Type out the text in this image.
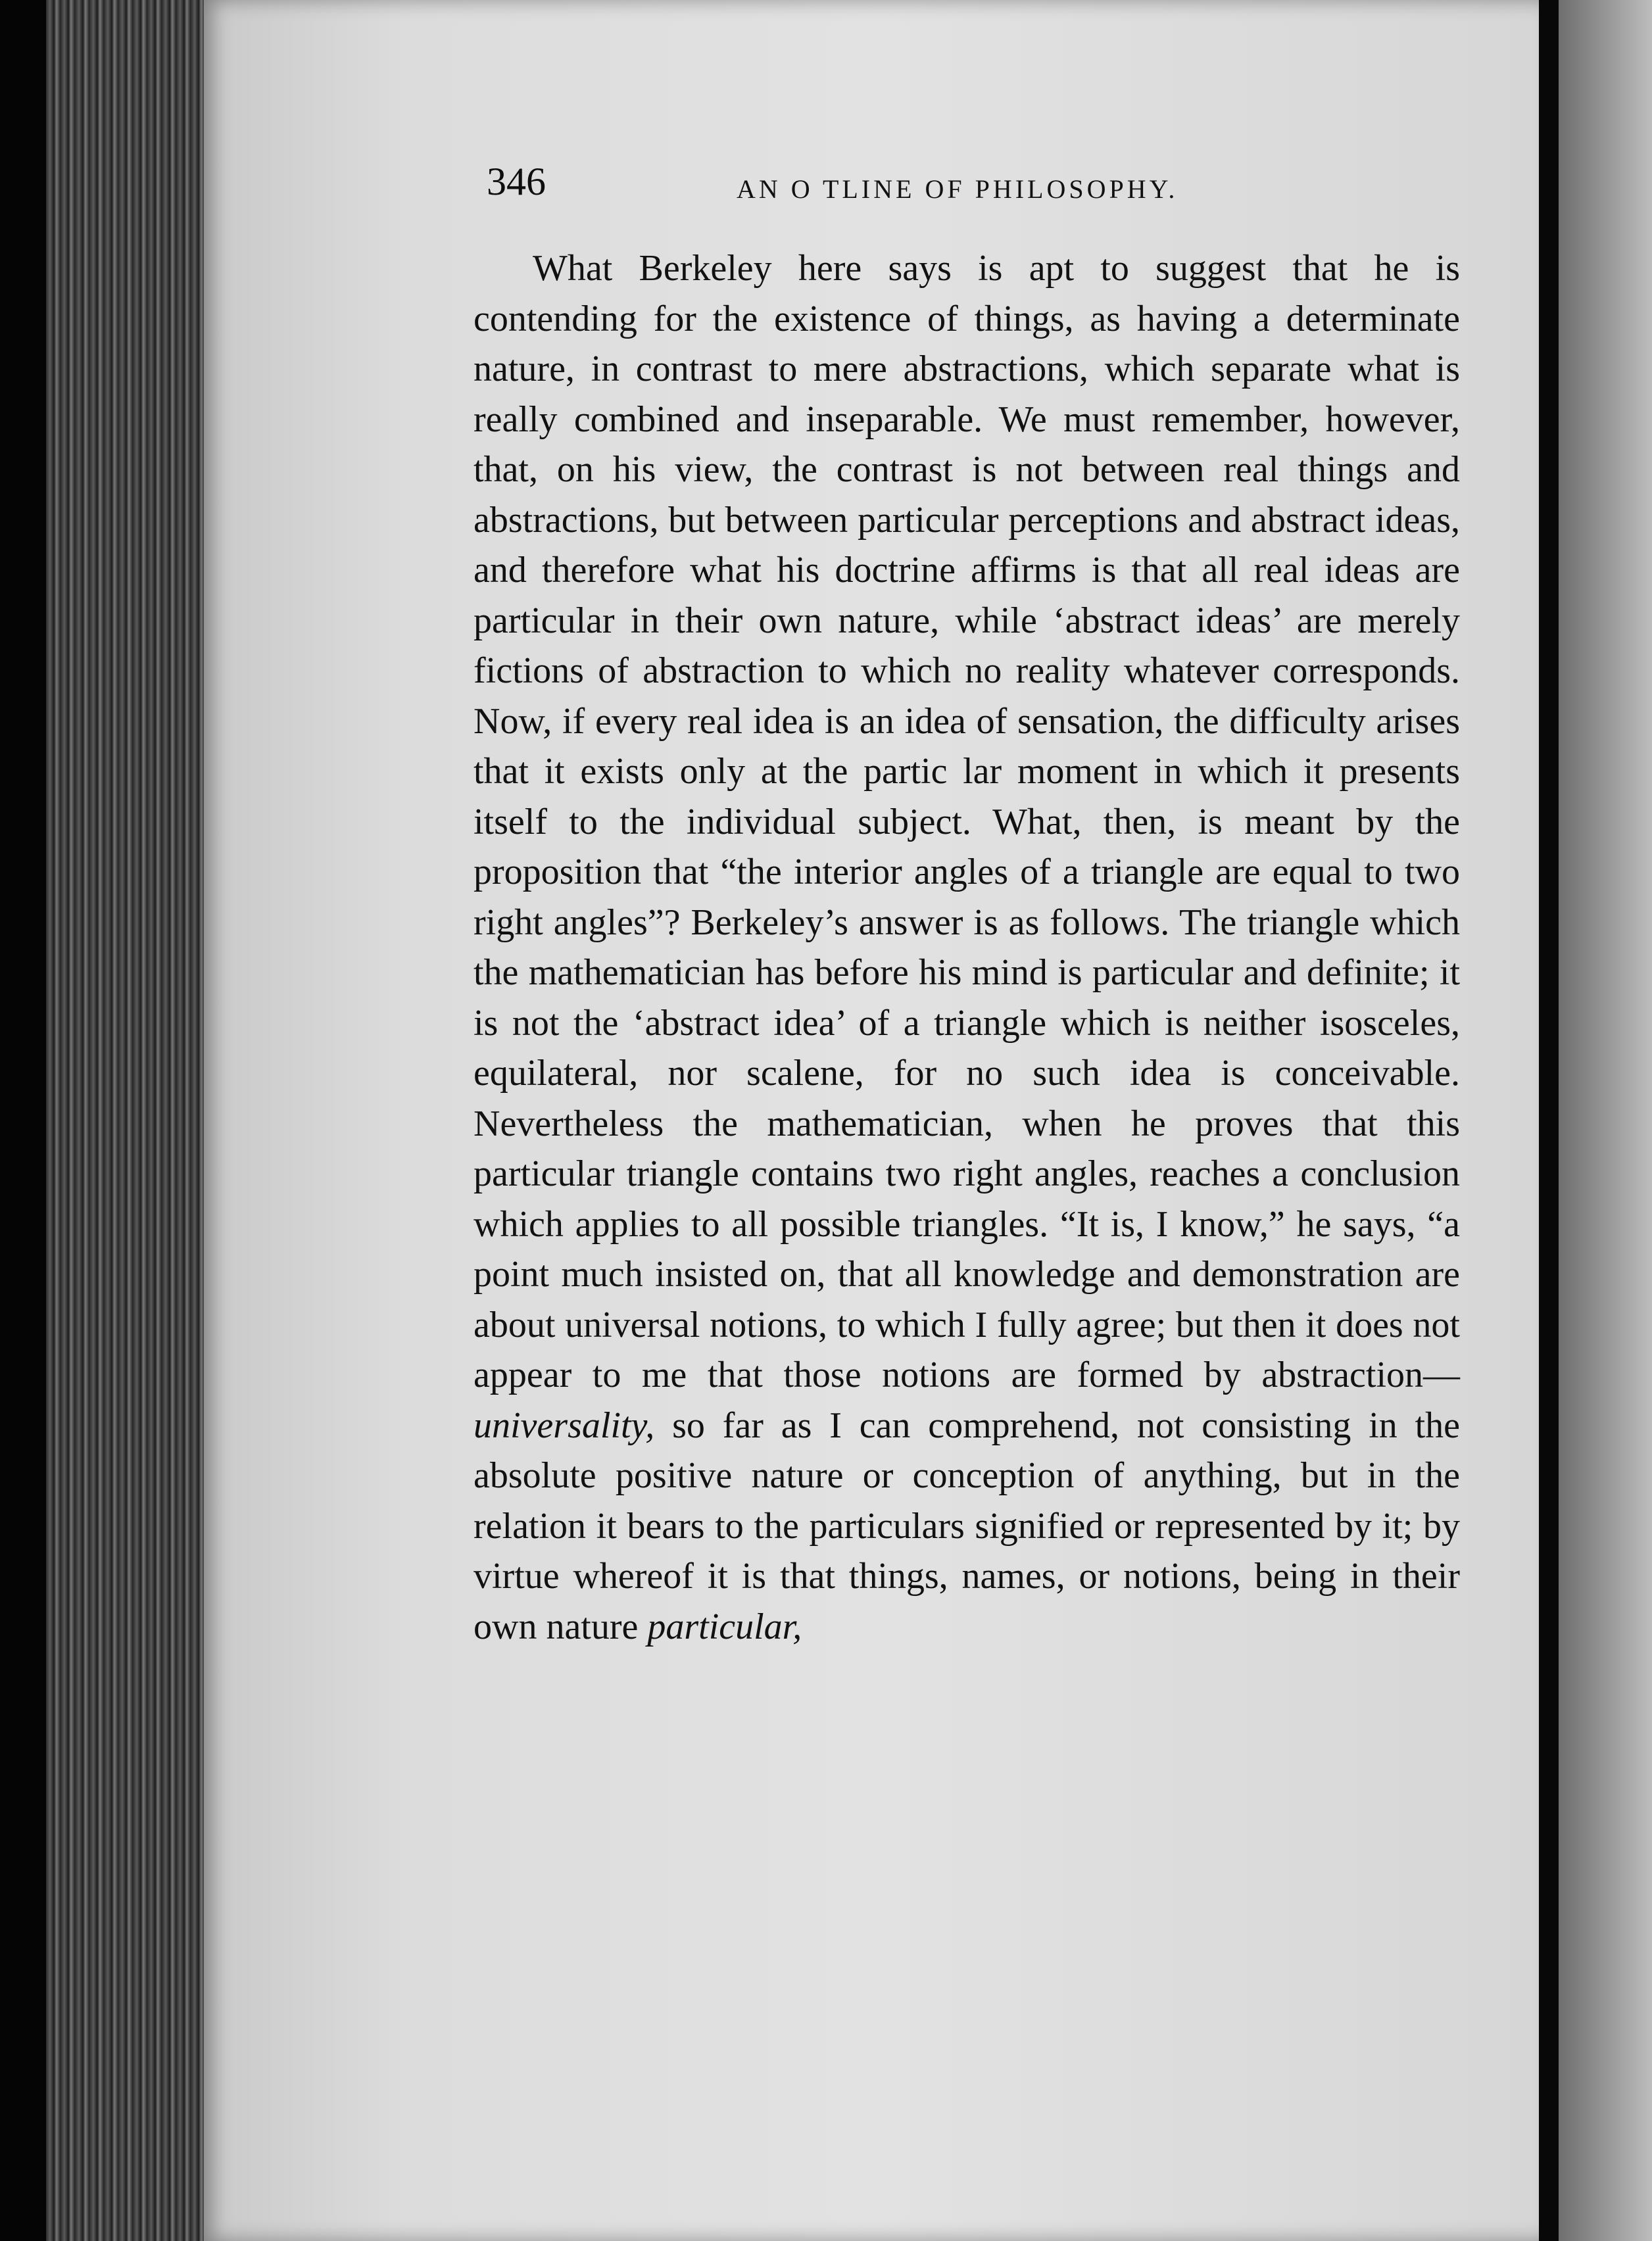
346	AN O TLINE OF PHILOSOPHY.

What Berkeley here says is apt to suggest that he is contending for the existence of things, as having a determinate nature, in contrast to mere abstractions, which separate what is really combined and inseparable. We must remember, however, that, on his view, the contrast is not between real things and abstractions, but between particular perceptions and abstract ideas, and therefore what his doctrine affirms is that all real ideas are particular in their own nature, while ‘abstract ideas’ are merely fictions of abstraction to which no reality whatever corresponds. Now, if every real idea is an idea of sensation, the difficulty arises that it exists only at the partic lar moment in which it presents itself to the individual subject. What, then, is meant by the proposition that “the interior angles of a triangle are equal to two right angles”? Berkeley’s answer is as follows. The triangle which the mathematician has before his mind is particular and definite; it is not the ‘abstract idea’ of a triangle which is neither isosceles, equilateral, nor scalene, for no such idea is conceivable. Nevertheless the mathematician, when he proves that this particular triangle contains two right angles, reaches a conclusion which applies to all possible triangles. “It is, I know,” he says, “a point much insisted on, that all knowledge and demonstration are about universal notions, to which I fully agree; but then it does not appear to me that those notions are formed by abstraction—universality, so far as I can comprehend, not consisting in the absolute positive nature or conception of anything, but in the relation it bears to the particulars signified or represented by it; by virtue whereof it is that things, names, or notions, being in their own nature particular,
